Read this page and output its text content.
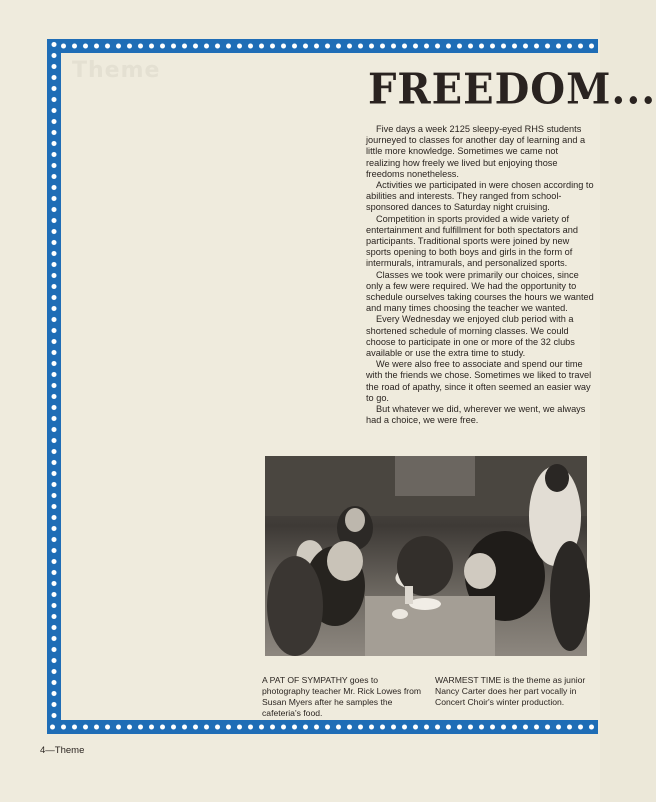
Theme	FREEDOM...

Five days a week 2125 sleepy-eyed RHS students journeyed to classes for another day of learning and a little more knowledge. Sometimes we came not realizing how freely we lived but enjoying those freedoms nonetheless.

Activities we participated in were chosen according to abilities and interests. They ranged from school-sponsored dances to Saturday night cruising.

Competition in sports provided a wide variety of entertainment and fulfillment for both spectators and participants. Traditional sports were joined by new sports opening to both boys and girls in the form of intermurals, intramurals, and personalized sports.

Classes we took were primarily our choices, since only a few were required. We had the opportunity to schedule ourselves taking courses the hours we wanted and many times choosing the teacher we wanted.

Every Wednesday we enjoyed club period with a shortened schedule of morning classes. We could choose to participate in one or more of the 32 clubs available or use the extra time to study.

We were also free to associate and spend our time with the friends we chose. Sometimes we liked to travel the road of apathy, since it often seemed an easier way to go.

But whatever we did, wherever we went, we always had a choice, we were free.

A PAT OF SYMPATHY goes to photography teacher Mr. Rick Lowes from Susan Myers after he samples the cafeteria's food.
WARMEST TIME is the theme as junior Nancy Carter does her part vocally in Concert Choir's winter production.
4—Theme
